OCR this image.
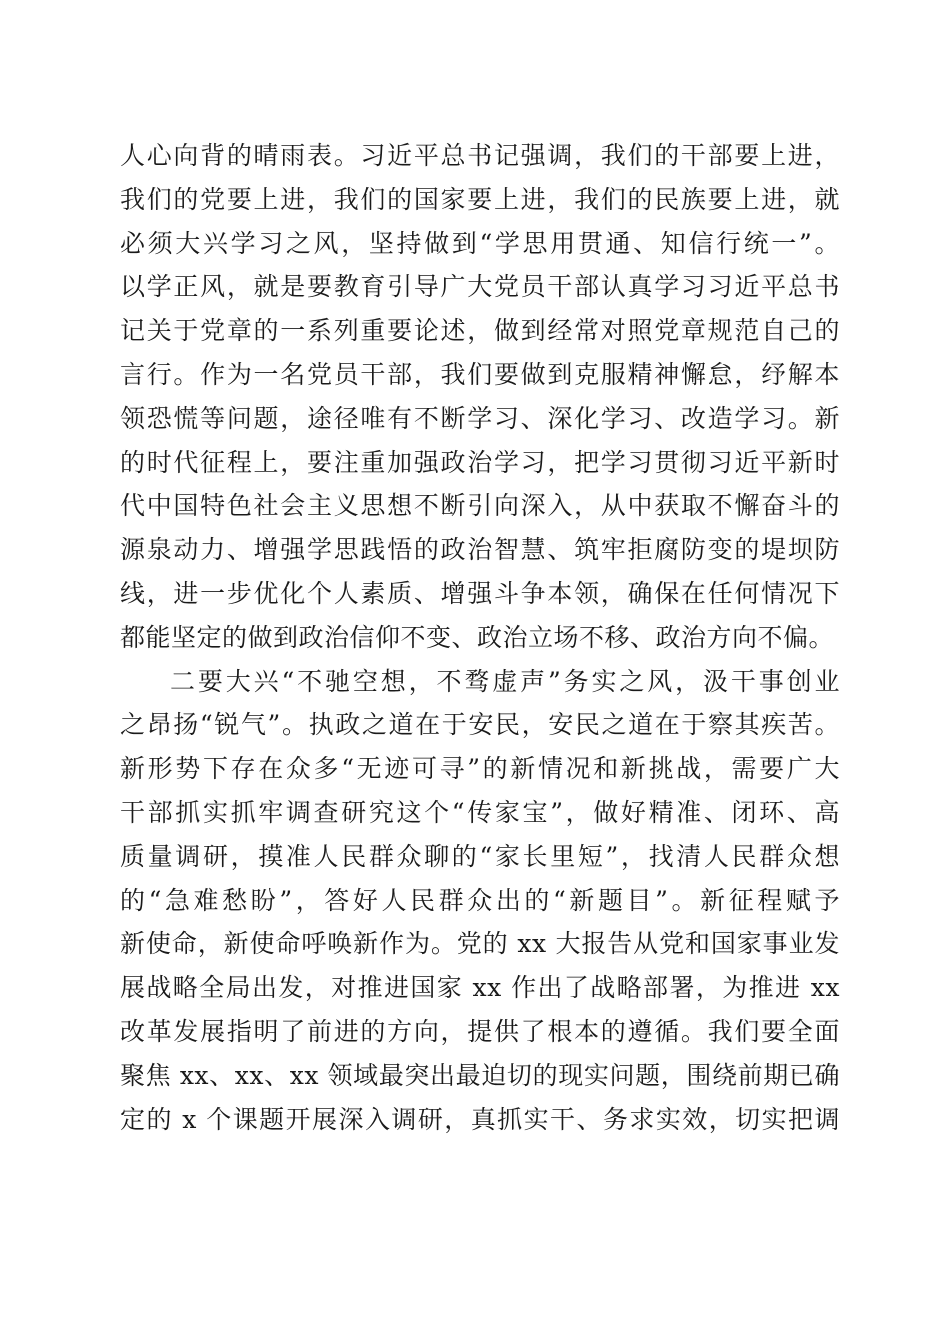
人心向背的晴雨表。习近平总书记强调，我们的干部要上进，
我们的党要上进，我们的国家要上进，我们的民族要上进，就
必须大兴学习之风，坚持做到“学思用贯通、知信行统一”。
以学正风，就是要教育引导广大党员干部认真学习习近平总书
记关于党章的一系列重要论述，做到经常对照党章规范自己的
言行。作为一名党员干部，我们要做到克服精神懈怠，纾解本
领恐慌等问题，途径唯有不断学习、深化学习、改造学习。新
的时代征程上，要注重加强政治学习，把学习贯彻习近平新时
代中国特色社会主义思想不断引向深入，从中获取不懈奋斗的
源泉动力、增强学思践悟的政治智慧、筑牢拒腐防变的堤坝防
线，进一步优化个人素质、增强斗争本领，确保在任何情况下
都能坚定的做到政治信仰不变、政治立场不移、政治方向不偏。
二要大兴“不驰空想，不骛虚声”务实之风，汲干事创业
之昂扬“锐气”。执政之道在于安民，安民之道在于察其疾苦。
新形势下存在众多“无迹可寻”的新情况和新挑战，需要广大
干部抓实抓牢调查研究这个“传家宝”，做好精准、闭环、高
质量调研，摸准人民群众聊的“家长里短”，找清人民群众想
的“急难愁盼”，答好人民群众出的“新题目”。新征程赋予
新使命，新使命呼唤新作为。党的 xx 大报告从党和国家事业发
展战略全局出发，对推进国家 xx 作出了战略部署，为推进 xx
改革发展指明了前进的方向，提供了根本的遵循。我们要全面
聚焦 xx、xx、xx 领域最突出最迫切的现实问题，围绕前期已确
定的 x 个课题开展深入调研，真抓实干、务求实效，切实把调
